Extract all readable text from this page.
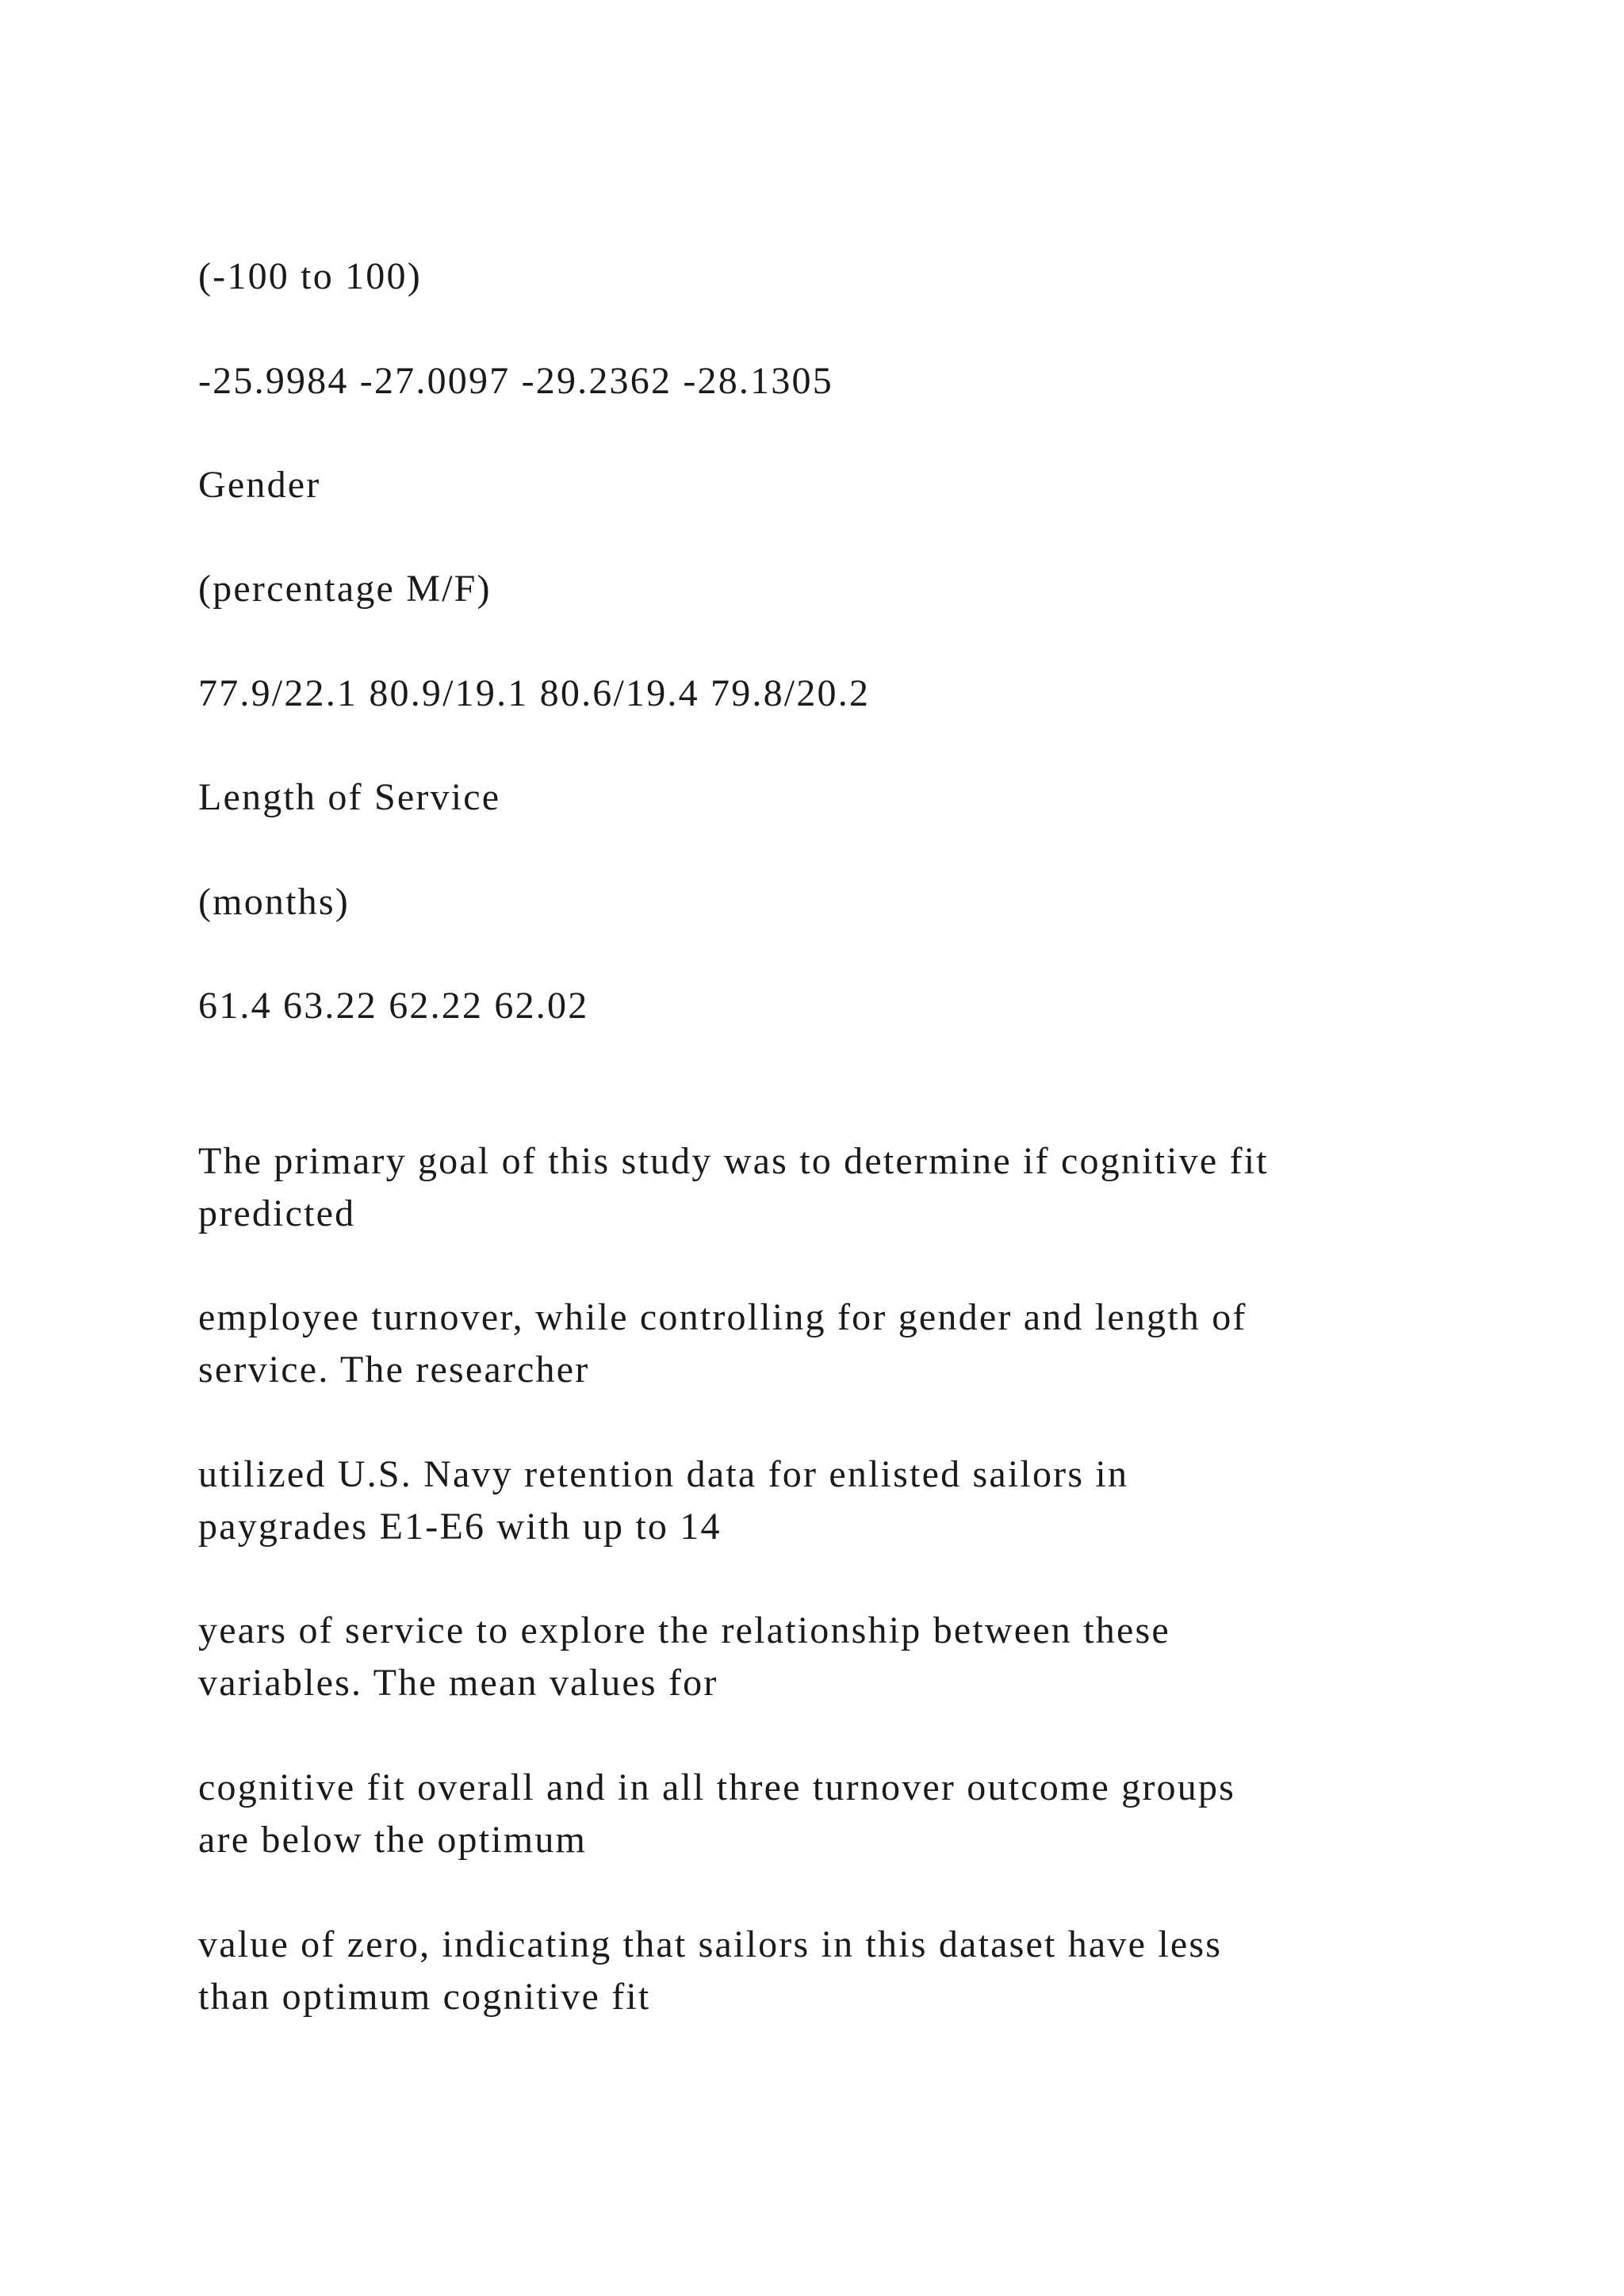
(-100 to 100)

-25.9984 -27.0097 -29.2362 -28.1305

Gender

(percentage M/F)

77.9/22.1 80.9/19.1 80.6/19.4 79.8/20.2

Length of Service

(months)

61.4 63.22 62.22 62.02

The primary goal of this study was to determine if cognitive fit

predicted

employee turnover, while controlling for gender and length of

service. The researcher

utilized U.S. Navy retention data for enlisted sailors in

paygrades E1-E6 with up to 14

years of service to explore the relationship between these

variables. The mean values for

cognitive fit overall and in all three turnover outcome groups

are below the optimum

value of zero, indicating that sailors in this dataset have less

than optimum cognitive fit
